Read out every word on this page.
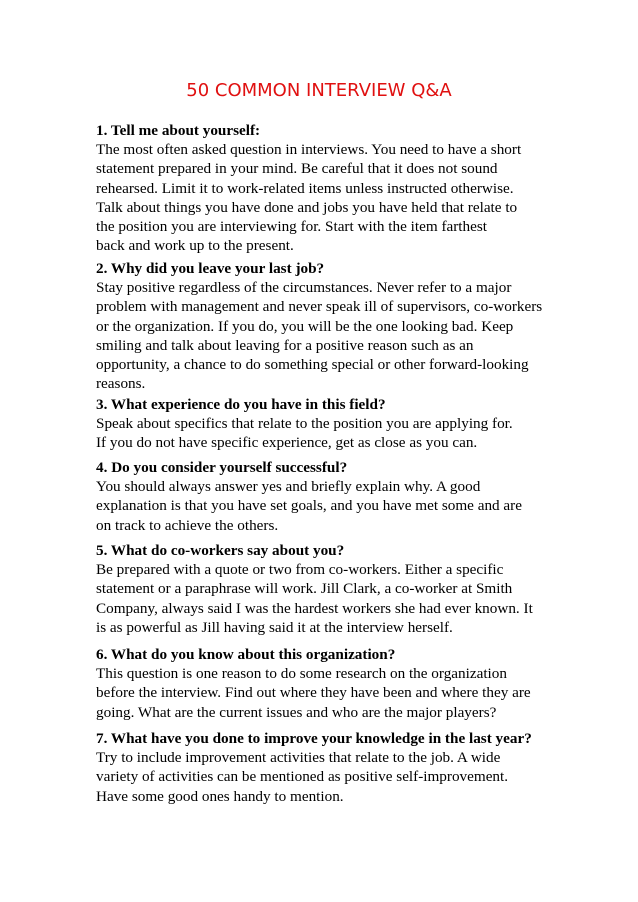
50 COMMON INTERVIEW Q&A
1. Tell me about yourself:
The most often asked question in interviews. You need to have a short
statement prepared in your mind. Be careful that it does not sound
rehearsed. Limit it to work-related items unless instructed otherwise.
Talk about things you have done and jobs you have held that relate to
the position you are interviewing for. Start with the item farthest
back and work up to the present.
2. Why did you leave your last job?
Stay positive regardless of the circumstances. Never refer to a major
problem with management and never speak ill of supervisors, co-workers
or the organization. If you do, you will be the one looking bad. Keep
smiling and talk about leaving for a positive reason such as an
opportunity, a chance to do something special or other forward-looking
reasons.
3. What experience do you have in this field?
Speak about specifics that relate to the position you are applying for.
If you do not have specific experience, get as close as you can.
4. Do you consider yourself successful?
You should always answer yes and briefly explain why. A good
explanation is that you have set goals, and you have met some and are
on track to achieve the others.
5. What do co-workers say about you?
Be prepared with a quote or two from co-workers. Either a specific
statement or a paraphrase will work. Jill Clark, a co-worker at Smith
Company, always said I was the hardest workers she had ever known. It
is as powerful as Jill having said it at the interview herself.
6. What do you know about this organization?
This question is one reason to do some research on the organization
before the interview. Find out where they have been and where they are
going. What are the current issues and who are the major players?
7. What have you done to improve your knowledge in the last year?
Try to include improvement activities that relate to the job. A wide
variety of activities can be mentioned as positive self-improvement.
Have some good ones handy to mention.
